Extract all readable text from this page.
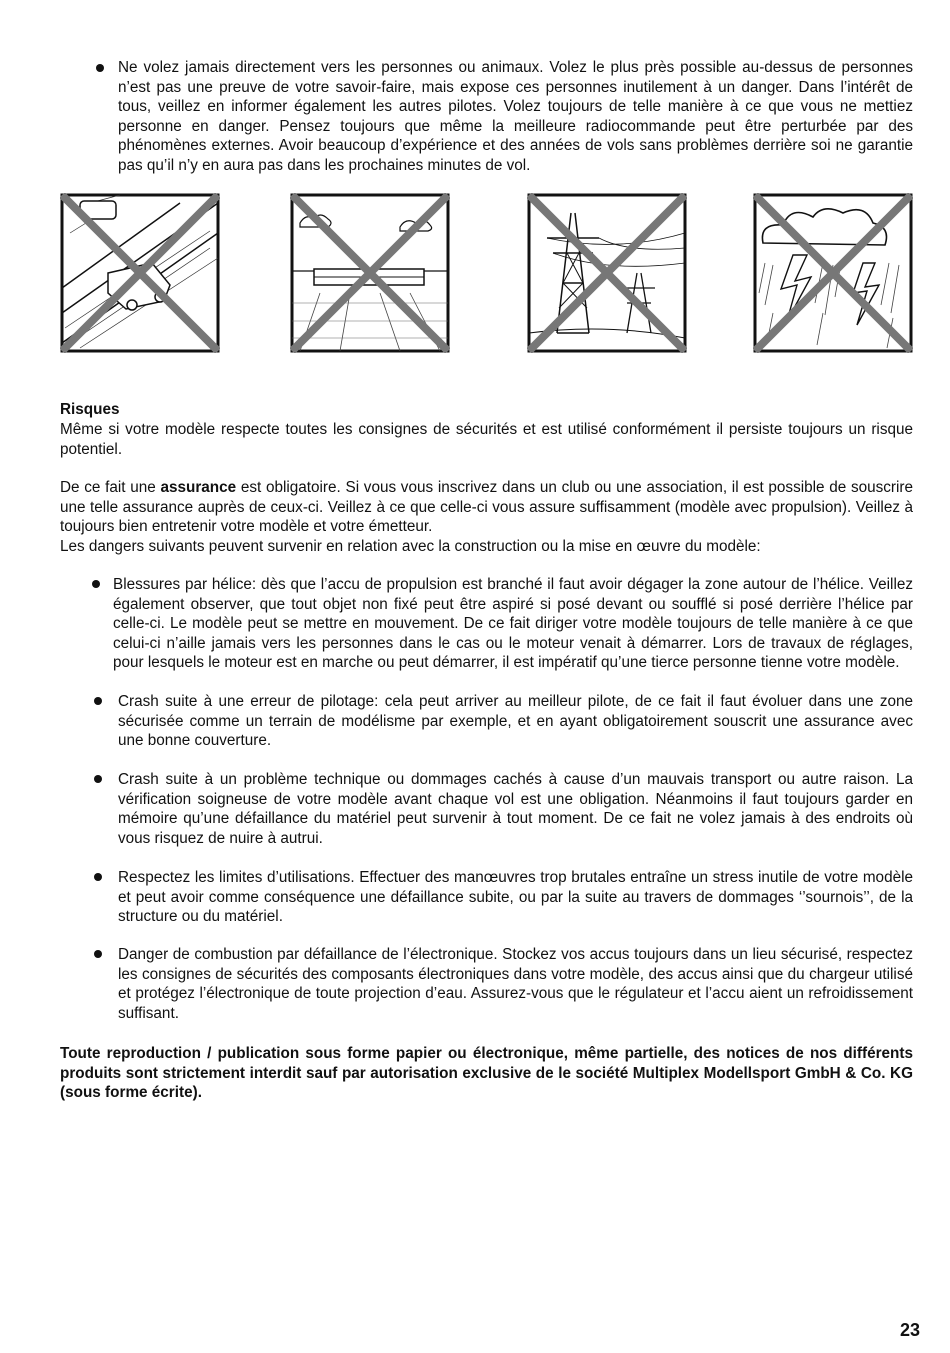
Ne volez jamais directement vers les personnes ou animaux. Volez le plus près possible au-dessus de personnes n’est pas une preuve de votre savoir-faire, mais expose ces personnes inutilement à un danger. Dans l’intérêt de tous, veillez en informer également les autres pilotes. Volez toujours de telle manière à ce que vous ne mettiez personne en danger. Pensez toujours que même la meilleure radiocommande peut être perturbée par des phénomènes externes. Avoir beaucoup d’expérience et des années de vols sans problèmes derrière soi ne garantie pas qu’il n’y en aura pas dans les prochaines minutes de vol.
Risques
Même si votre modèle respecte toutes les consignes de sécurités et est utilisé conformément il persiste toujours un risque potentiel.
De ce fait une assurance est obligatoire. Si vous vous inscrivez dans un club ou une association, il est possible de souscrire une telle assurance auprès de ceux-ci. Veillez à ce que celle-ci vous assure suffisamment (modèle avec propulsion). Veillez à toujours bien entretenir votre modèle et votre émetteur.
Les dangers suivants peuvent survenir en relation avec la construction ou la mise en œuvre du modèle:
Blessures par hélice: dès que l’accu de propulsion est branché il faut avoir dégager la zone autour de l’hélice. Veillez également observer, que tout objet non fixé peut être aspiré si posé devant ou soufflé si posé derrière l’hélice par celle-ci. Le modèle peut se mettre en mouvement. De ce fait diriger votre modèle toujours de telle manière à ce que celui-ci n’aille jamais vers les personnes dans le cas ou le moteur venait à démarrer. Lors de travaux de réglages, pour lesquels le moteur est en marche ou peut démarrer, il est impératif qu’une tierce personne tienne votre modèle.
Crash suite à une erreur de pilotage: cela peut arriver au meilleur pilote, de ce fait il faut évoluer dans une zone sécurisée comme un terrain de modélisme par exemple, et en ayant obligatoirement souscrit une assurance avec une bonne couverture.
Crash suite à un problème technique ou dommages cachés à cause d’un mauvais transport ou autre raison. La vérification soigneuse de votre modèle avant chaque vol est une obligation. Néanmoins il faut toujours garder en mémoire qu’une défaillance du matériel peut survenir à tout moment. De ce fait ne volez jamais à des endroits où vous risquez de nuire à autrui.
Respectez les limites d’utilisations. Effectuer des manœuvres trop brutales entraîne un stress inutile de votre modèle et peut avoir comme conséquence une défaillance subite, ou par la suite au travers de dommages ‘’sournois’’, de la structure ou du matériel.
Danger de combustion par défaillance de l’électronique. Stockez vos accus toujours dans un lieu sécurisé, respectez les consignes de sécurités des composants électroniques dans votre modèle, des accus ainsi que du chargeur utilisé et protégez l’électronique de toute projection d’eau. Assurez-vous que le régulateur et l’accu aient un refroidissement suffisant.
Toute reproduction / publication sous forme papier ou électronique, même partielle, des notices de nos différents produits sont strictement interdit sauf par autorisation exclusive de le société Multiplex Modellsport GmbH & Co. KG (sous forme écrite).
23
